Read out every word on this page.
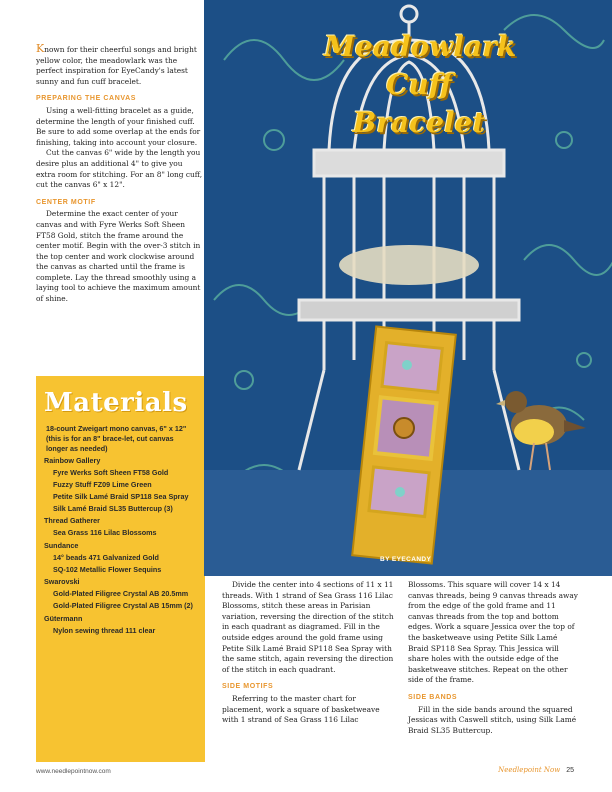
Known for their cheerful songs and bright yellow color, the meadowlark was the perfect inspiration for EyeCandy's latest sunny and fun cuff bracelet.

PREPARING THE CANVAS

Using a well-fitting bracelet as a guide, determine the length of your finished cuff. Be sure to add some overlap at the ends for finishing, taking into account your closure.

Cut the canvas 6" wide by the length you desire plus an additional 4" to give you extra room for stitching. For an 8" long cuff, cut the canvas 6" x 12".

CENTER MOTIF

Determine the exact center of your canvas and with Fyre Werks Soft Sheen FT58 Gold, stitch the frame around the center motif. Begin with the over-3 stitch in the top center and work clockwise around the canvas as charted until the frame is complete. Lay the thread smoothly using a laying tool to achieve the maximum amount of shine.

Materials
18-count Zweigart mono canvas, 6" x 12" (this is for an 8" brace-let, cut canvas longer as needed)
Rainbow Gallery
Fyre Werks Soft Sheen FT58 Gold
Fuzzy Stuff FZ09 Lime Green
Petite Silk Lamé Braid SP118 Sea Spray
Silk Lamé Braid SL35 Buttercup (3)
Thread Gatherer
Sea Grass 116 Lilac Blossoms
Sundance
14° beads 471 Galvanized Gold
SQ-102 Metallic Flower Sequins
Swarovski
Gold-Plated Filigree Crystal AB 20.5mm
Gold-Plated Filigree Crystal AB 15mm (2)
Gütermann
Nylon sewing thread 111 clear
Meadowlark
Cuff Bracelet
BY EYECANDY

Divide the center into 4 sections of 11 x 11 threads. With 1 strand of Sea Grass 116 Lilac Blossoms, stitch these areas in Parisian variation, reversing the direction of the stitch in each quadrant as diagramed. Fill in the outside edges around the gold frame using Petite Silk Lamé Braid SP118 Sea Spray with the same stitch, again reversing the direction of the stitch in each quadrant.

SIDE MOTIFS

Referring to the master chart for placement, work a square of basketweave with 1 strand of Sea Grass 116 Lilac

Blossoms. This square will cover 14 x 14 canvas threads, being 9 canvas threads away from the edge of the gold frame and 11 canvas threads from the top and bottom edges. Work a square Jessica over the top of the basketweave using Petite Silk Lamé Braid SP118 Sea Spray. This Jessica will share holes with the outside edge of the basketweave stitches. Repeat on the other side of the frame.

SIDE BANDS

Fill in the side bands around the squared Jessicas with Caswell stitch, using Silk Lamé Braid SL35 Buttercup.

www.needlepointnow.com	Needlepoint Now 25
